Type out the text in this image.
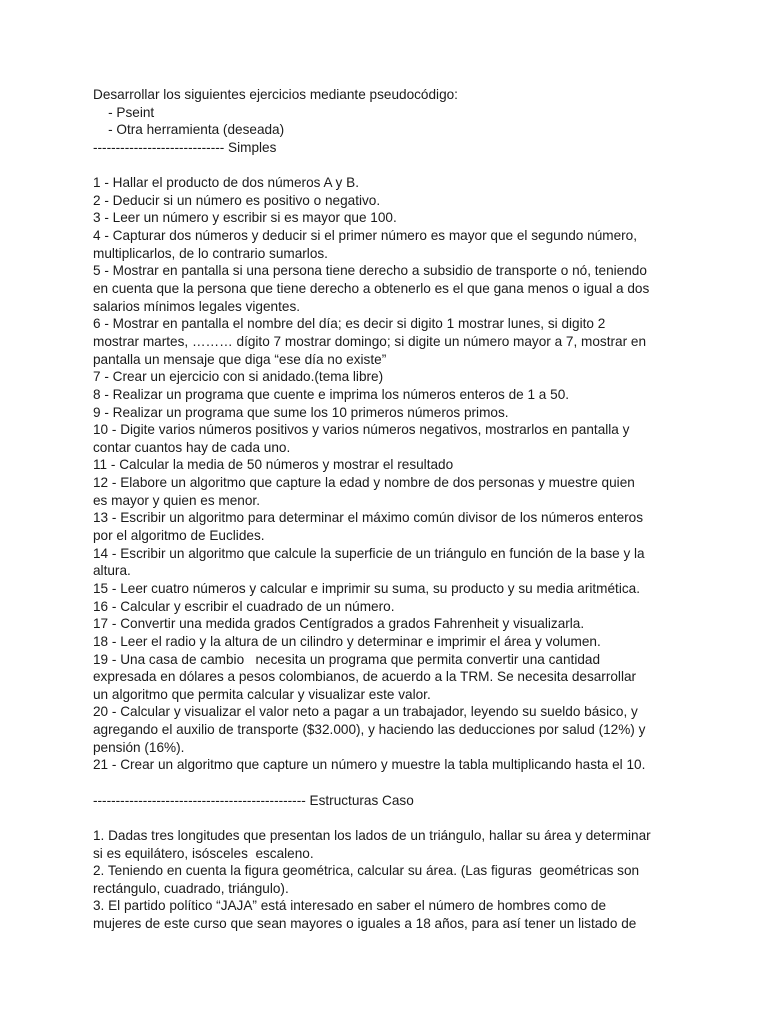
Desarrollar los siguientes ejercicios mediante pseudocódigo:

- Pseint

- Otra herramienta (deseada)

----------------------------- Simples

1 - Hallar el producto de dos números A y B.

2 - Deducir si un número es positivo o negativo.

3 - Leer un número y escribir si es mayor que 100.

4 - Capturar dos números y deducir si el primer número es mayor que el segundo número,

multiplicarlos, de lo contrario sumarlos.

5 - Mostrar en pantalla si una persona tiene derecho a subsidio de transporte o nó, teniendo

en cuenta que la persona que tiene derecho a obtenerlo es el que gana menos o igual a dos

salarios mínimos legales vigentes.

6 - Mostrar en pantalla el nombre del día; es decir si digito 1 mostrar lunes, si digito 2

mostrar martes, ……… dígito 7 mostrar domingo; si digite un número mayor a 7, mostrar en

pantalla un mensaje que diga “ese día no existe”

7 - Crear un ejercicio con si anidado.(tema libre)

8 - Realizar un programa que cuente e imprima los números enteros de 1 a 50.

9 - Realizar un programa que sume los 10 primeros números primos.

10 - Digite varios números positivos y varios números negativos, mostrarlos en pantalla y

contar cuantos hay de cada uno.

11 - Calcular la media de 50 números y mostrar el resultado

12 - Elabore un algoritmo que capture la edad y nombre de dos personas y muestre quien

es mayor y quien es menor.

13 - Escribir un algoritmo para determinar el máximo común divisor de los números enteros

por el algoritmo de Euclides.

14 - Escribir un algoritmo que calcule la superficie de un triángulo en función de la base y la

altura.

15 - Leer cuatro números y calcular e imprimir su suma, su producto y su media aritmética.

16 - Calcular y escribir el cuadrado de un número.

17 - Convertir una medida grados Centígrados a grados Fahrenheit y visualizarla.

18 - Leer el radio y la altura de un cilindro y determinar e imprimir el área y volumen.

19 - Una casa de cambio   necesita un programa que permita convertir una cantidad

expresada en dólares a pesos colombianos, de acuerdo a la TRM. Se necesita desarrollar

un algoritmo que permita calcular y visualizar este valor.

20 - Calcular y visualizar el valor neto a pagar a un trabajador, leyendo su sueldo básico, y

agregando el auxilio de transporte ($32.000), y haciendo las deducciones por salud (12%) y

pensión (16%).

21 - Crear un algoritmo que capture un número y muestre la tabla multiplicando hasta el 10.

----------------------------------------------- Estructuras Caso

1. Dadas tres longitudes que presentan los lados de un triángulo, hallar su área y determinar

si es equilátero, isósceles  escaleno.

2. Teniendo en cuenta la figura geométrica, calcular su área. (Las figuras  geométricas son

rectángulo, cuadrado, triángulo).

3. El partido político “JAJA” está interesado en saber el número de hombres como de

mujeres de este curso que sean mayores o iguales a 18 años, para así tener un listado de
